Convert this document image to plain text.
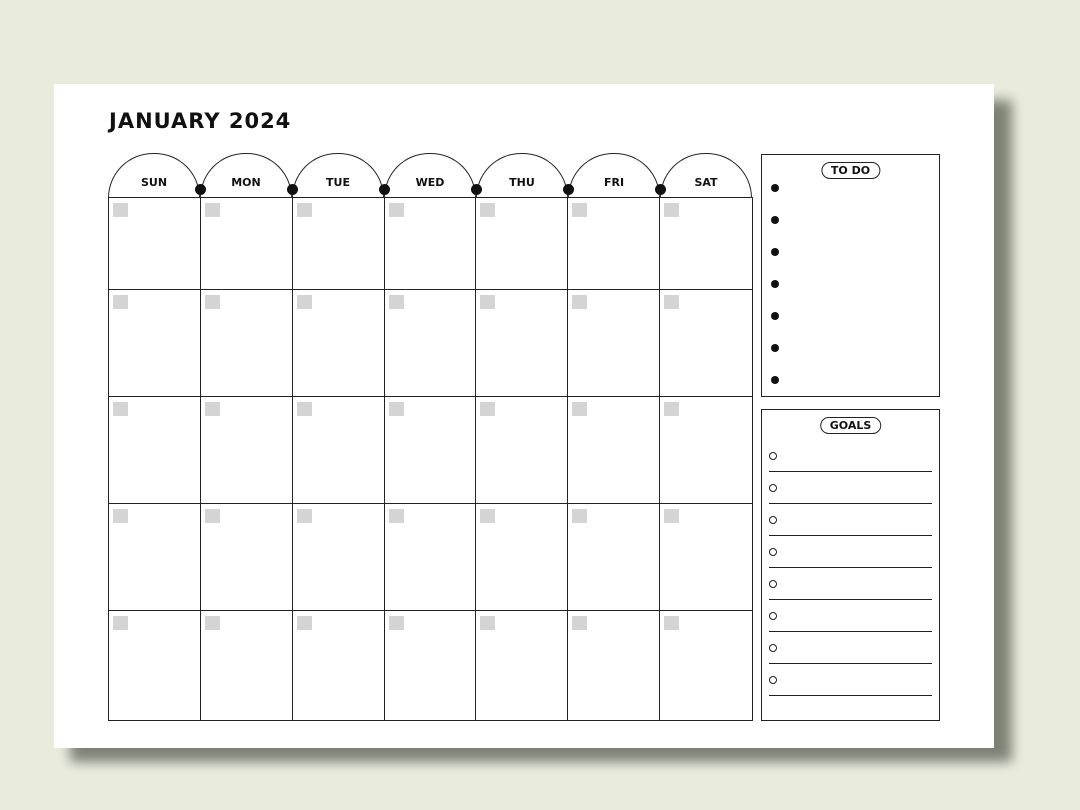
JANUARY 2024
SUN	MON	TUE	WED	THU	FRI	SAT
TO DO
GOALS
